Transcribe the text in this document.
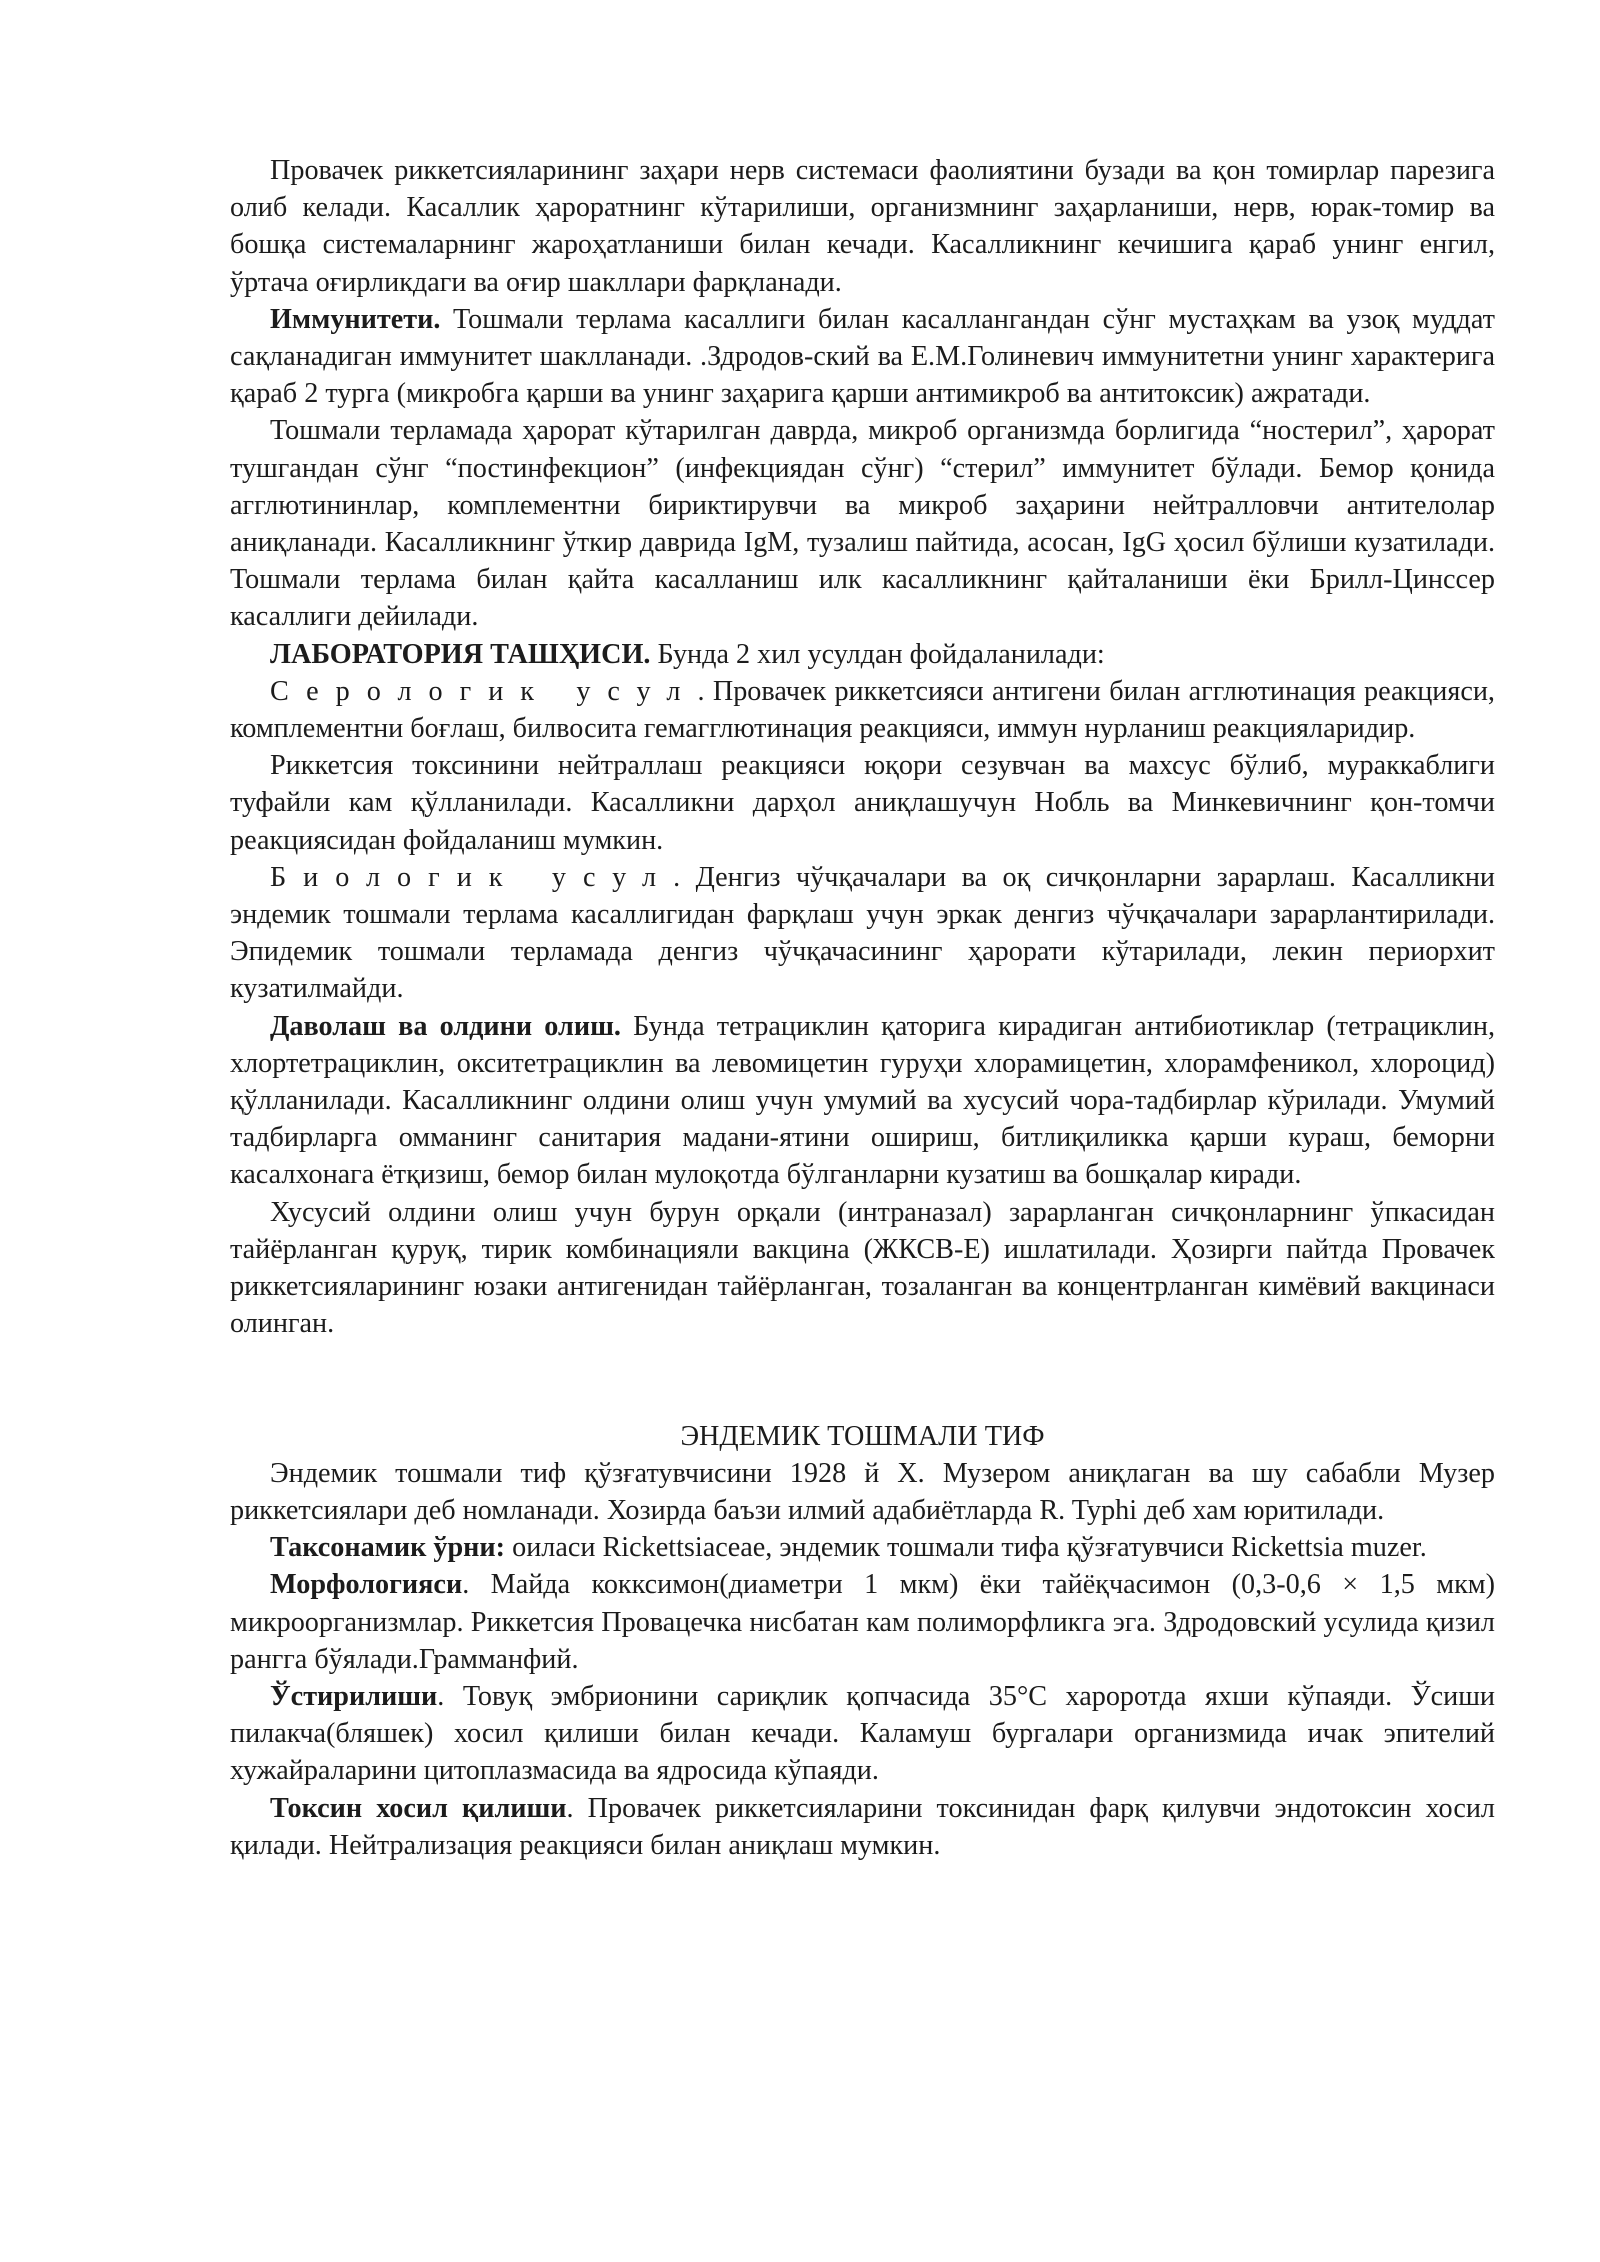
Провачек риккетсияларининг заҳари нерв системаси фаолиятини бузади ва қон томирлар парезига олиб келади. Касаллик ҳароратнинг кўтарилиши, организмнинг заҳарланиши, нерв, юрак-томир ва бошқа системаларнинг жароҳатланиши билан кечади. Касалликнинг кечишига қараб унинг енгил, ўртача оғирликдаги ва оғир шакллари фарқланади.

Иммунитети. Тошмали терлама касаллиги билан касаллангандан сўнг мустаҳкам ва узоқ муддат сақланадиган иммунитет шаклланади. .Здродов-ский ва Е.М.Голиневич иммунитетни унинг характерига қараб 2 турга (микробга қарши ва унинг заҳарига қарши антимикроб ва антитоксик) ажратади.

Тошмали терламада ҳарорат кўтарилган даврда, микроб организмда борлигида “ностерил”, ҳарорат тушгандан сўнг “постинфекцион” (инфекциядан сўнг) “стерил” иммунитет бўлади. Бемор қонида агглютининлар, комплементни бириктирувчи ва микроб заҳарини нейтралловчи антителолар аниқланади. Касалликнинг ўткир даврида IgM, тузалиш пайтида, асосан, IgG ҳосил бўлиши кузатилади. Тошмали терлама билан қайта касалланиш илк касалликнинг қайталаниши ёки Брилл-Цинссер касаллиги дейилади.

ЛАБОРАТОРИЯ ТАШҲИСИ. Бунда 2 хил усулдан фойдаланилади:

Серологик усул. Провачек риккетсияси антигени билан агглютинация реакцияси, комплементни боғлаш, билвосита гемагглютинация реакцияси, иммун нурланиш реакцияларидир.

Риккетсия токсинини нейтраллаш реакцияси юқори сезувчан ва махсус бўлиб, мураккаблиги туфайли кам қўлланилади. Касалликни дарҳол аниқлашучун Нобль ва Минкевичнинг қон-томчи реакциясидан фойдаланиш мумкин.

Биологик усул. Денгиз чўчқачалари ва оқ сичқонларни зарарлаш. Касалликни эндемик тошмали терлама касаллигидан фарқлаш учун эркак денгиз чўчқачалари зарарлантирилади. Эпидемик тошмали терламада денгиз чўчқачасининг ҳарорати кўтарилади, лекин периорхит кузатилмайди.

Даволаш ва олдини олиш. Бунда тетрациклин қаторига кирадиган антибиотиклар (тетрациклин, хлортетрациклин, окситетрациклин ва левомицетин гуруҳи хлорамицетин, хлорамфеникол, хлороцид) қўлланилади. Касалликнинг олдини олиш учун умумий ва хусусий чора-тадбирлар кўрилади. Умумий тадбирларга омманинг санитария мадани-ятини ошириш, битлиқиликка қарши кураш, беморни касалхонага ётқизиш, бемор билан мулоқотда бўлганларни кузатиш ва бошқалар киради.

Хусусий олдини олиш учун бурун орқали (интраназал) зарарланган сичқонларнинг ўпкасидан тайёрланган қуруқ, тирик комбинацияли вакцина (ЖКСВ-Е) ишлатилади. Ҳозирги пайтда Провачек риккетсияларининг юзаки антигенидан тайёрланган, тозаланган ва концентрланган кимёвий вакцинаси олинган.

ЭНДЕМИК ТОШМАЛИ ТИФ

Эндемик тошмали тиф қўзғатувчисини 1928 й Х. Музером аниқлаган ва шу сабабли Музер риккетсиялари деб номланади. Хозирда баъзи илмий адабиётларда R. Typhi деб хам юритилади.

Таксонамик ўрни: оиласи Rickettsiaceae, эндемик тошмали тифа қўзғатувчиси Rickettsia muzer.

Морфологияси. Майда кокксимон(диаметри 1 мкм) ёки тайёқчасимон (0,3-0,6 × 1,5 мкм) микроорганизмлар. Риккетсия Провацечка нисбатан кам полиморфликга эга. Здродовский усулида қизил рангга бўялади.Грамманфий.

Ўстирилиши. Товуқ эмбрионини сариқлик қопчасида 35°С хароротда яхши кўпаяди. Ўсиши пилакча(бляшек) хосил қилиши билан кечади. Каламуш бургалари организмида ичак эпителий хужайраларини цитоплазмасида ва ядросида кўпаяди.

Токсин хосил қилиши. Провачек риккетсияларини токсинидан фарқ қилувчи эндотоксин хосил қилади. Нейтрализация реакцияси билан аниқлаш мумкин.
